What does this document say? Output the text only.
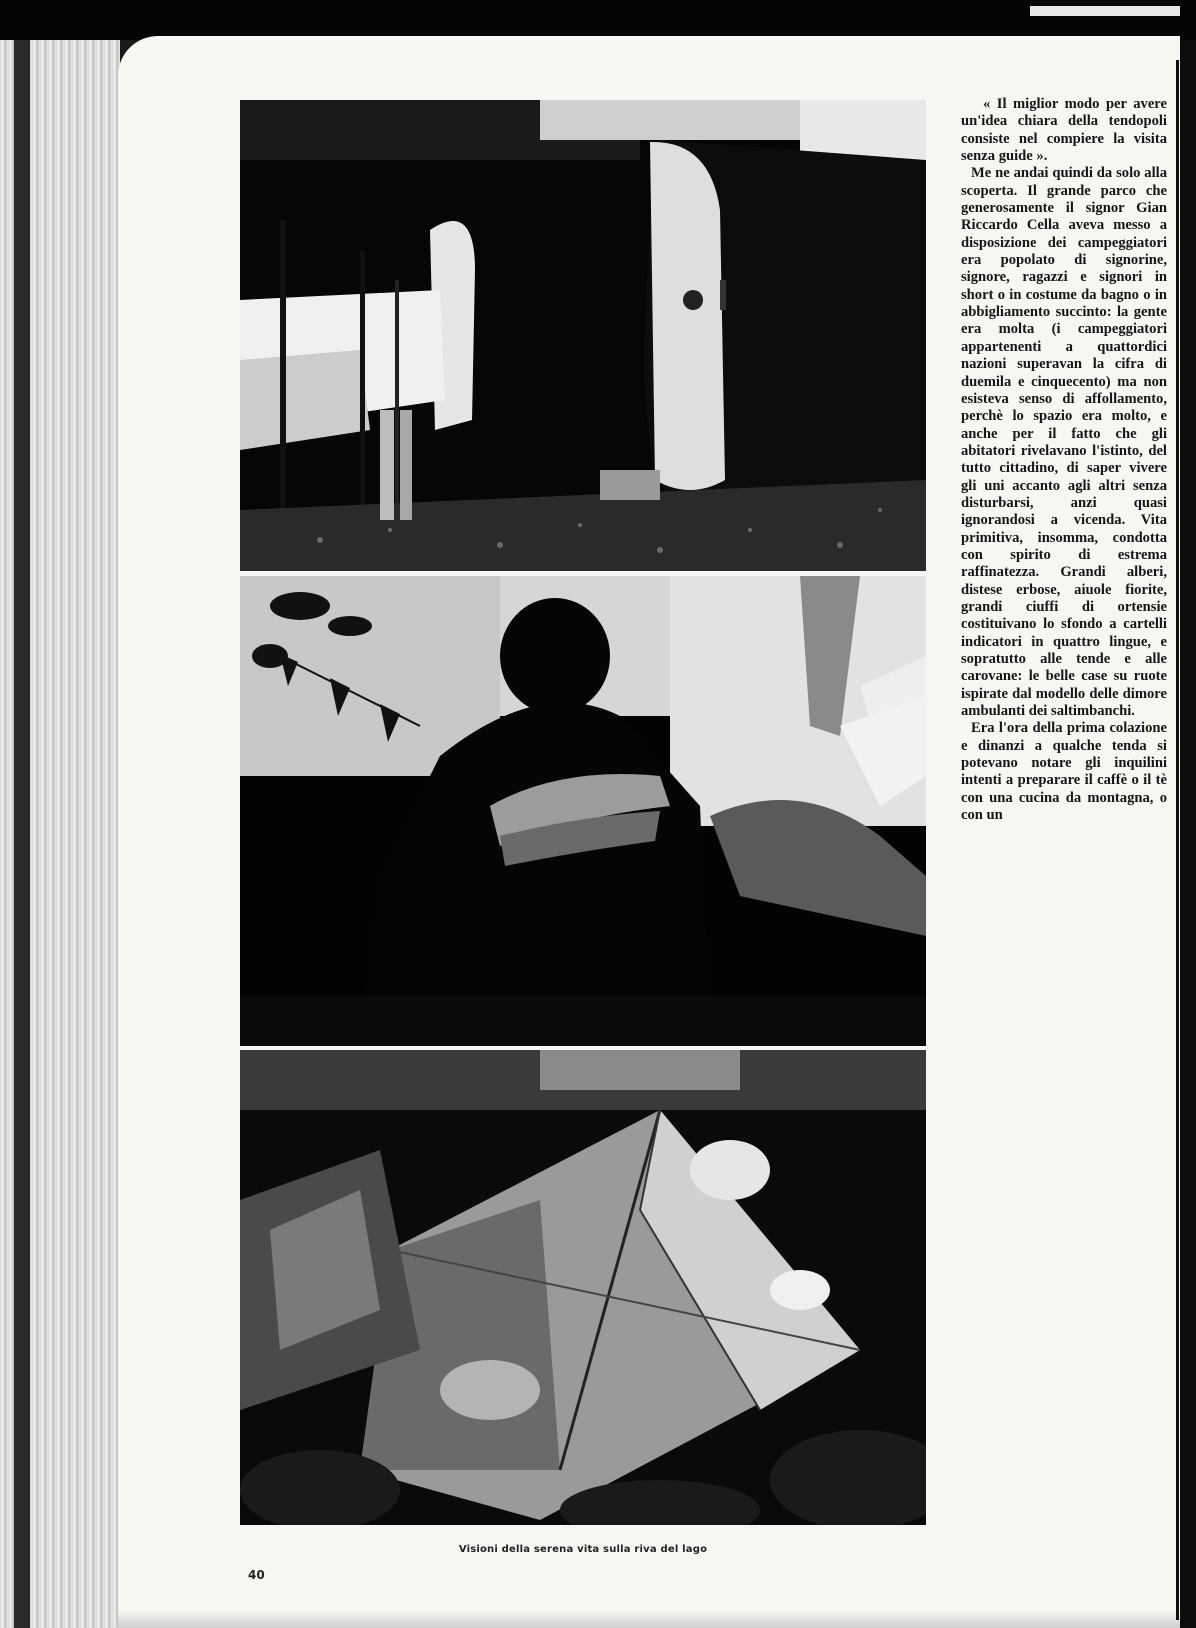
Visioni della serena vita sulla riva del lago
40

« Il miglior modo per avere un'idea chiara della tendopoli consiste nel compiere la visita senza guide ».

Me ne andai quindi da solo alla scoperta. Il grande parco che generosamente il signor Gian Riccardo Cella aveva messo a disposizione dei campeggiatori era popolato di signorine, signore, ragazzi e signori in short o in costume da bagno o in abbigliamento succinto: la gente era molta (i campeggiatori appartenenti a quattordici nazioni superavan la cifra di duemila e cinquecento) ma non esisteva senso di affollamento, perchè lo spazio era molto, e anche per il fatto che gli abitatori rivelavano l'istinto, del tutto cittadino, di saper vivere gli uni accanto agli altri senza disturbarsi, anzi quasi ignorandosi a vicenda. Vita primitiva, insomma, condotta con spirito di estrema raffinatezza. Grandi alberi, distese erbose, aiuole fiorite, grandi ciuffi di ortensie costituivano lo sfondo a cartelli indicatori in quattro lingue, e sopratutto alle tende e alle carovane: le belle case su ruote ispirate dal modello delle dimore ambulanti dei saltimbanchi.

Era l'ora della prima colazione e dinanzi a qualche tenda si potevano notare gli inquilini intenti a preparare il caffè o il tè con una cucina da montagna, o con un
